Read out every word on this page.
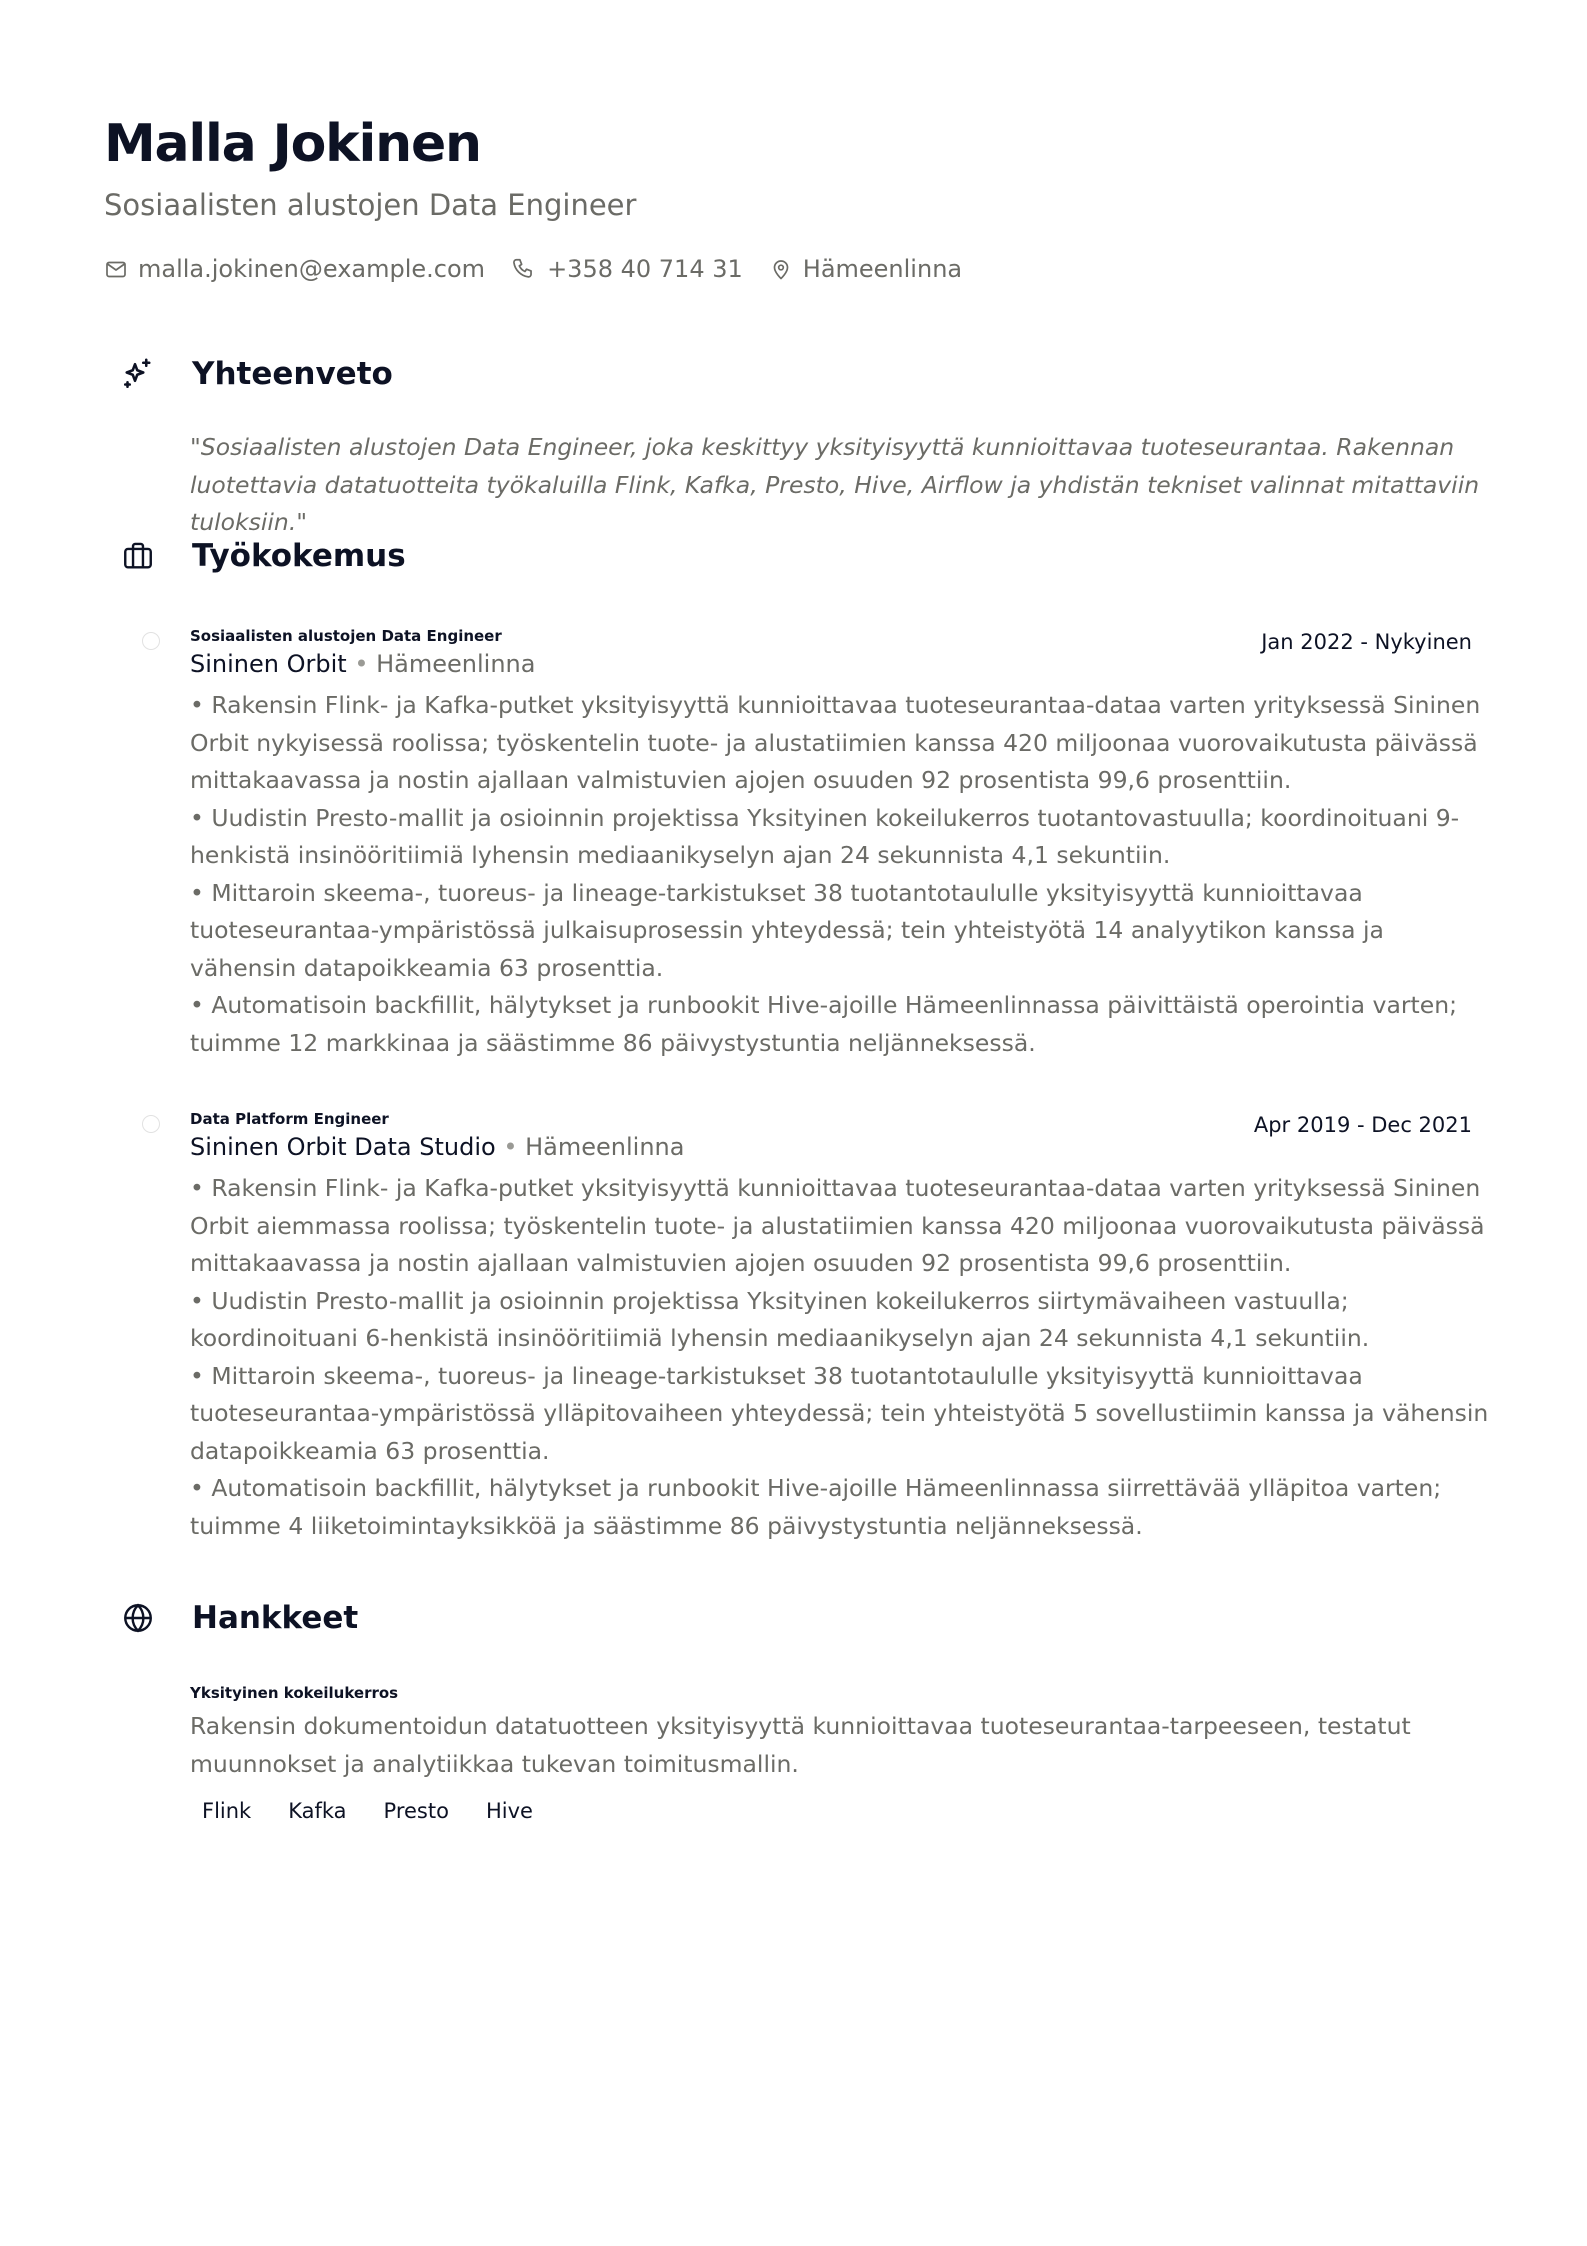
Malla Jokinen
Sosiaalisten alustojen Data Engineer
malla.jokinen@example.com	+358 40 714 31	Hämeenlinna
Yhteenveto
"Sosiaalisten alustojen Data Engineer, joka keskittyy yksityisyyttä kunnioittavaa tuoteseurantaa. Rakennan luotettavia datatuotteita työkaluilla Flink, Kafka, Presto, Hive, Airflow ja yhdistän tekniset valinnat mitattaviin tuloksiin."
Työkokemus
Sosiaalisten alustojen Data Engineer	Jan 2022 - Nykyinen
Sininen Orbit • Hämeenlinna
• Rakensin Flink- ja Kafka-putket yksityisyyttä kunnioittavaa tuoteseurantaa-dataa varten yrityksessä Sininen Orbit nykyisessä roolissa; työskentelin tuote- ja alustatiimien kanssa 420 miljoonaa vuorovaikutusta päivässä mittakaavassa ja nostin ajallaan valmistuvien ajojen osuuden 92 prosentista 99,6 prosenttiin.
• Uudistin Presto-mallit ja osioinnin projektissa Yksityinen kokeilukerros tuotantovastuulla; koordinoituani 9-henkistä insinööritiimiä lyhensin mediaanikyselyn ajan 24 sekunnista 4,1 sekuntiin.
• Mittaroin skeema-, tuoreus- ja lineage-tarkistukset 38 tuotantotaululle yksityisyyttä kunnioittavaa tuoteseurantaa-ympäristössä julkaisuprosessin yhteydessä; tein yhteistyötä 14 analyytikon kanssa ja vähensin datapoikkeamia 63 prosenttia.
• Automatisoin backfillit, hälytykset ja runbookit Hive-ajoille Hämeenlinnassa päivittäistä operointia varten; tuimme 12 markkinaa ja säästimme 86 päivystystuntia neljänneksessä.
Data Platform Engineer	Apr 2019 - Dec 2021
Sininen Orbit Data Studio • Hämeenlinna
• Rakensin Flink- ja Kafka-putket yksityisyyttä kunnioittavaa tuoteseurantaa-dataa varten yrityksessä Sininen Orbit aiemmassa roolissa; työskentelin tuote- ja alustatiimien kanssa 420 miljoonaa vuorovaikutusta päivässä mittakaavassa ja nostin ajallaan valmistuvien ajojen osuuden 92 prosentista 99,6 prosenttiin.
• Uudistin Presto-mallit ja osioinnin projektissa Yksityinen kokeilukerros siirtymävaiheen vastuulla; koordinoituani 6-henkistä insinööritiimiä lyhensin mediaanikyselyn ajan 24 sekunnista 4,1 sekuntiin.
• Mittaroin skeema-, tuoreus- ja lineage-tarkistukset 38 tuotantotaululle yksityisyyttä kunnioittavaa tuoteseurantaa-ympäristössä ylläpitovaiheen yhteydessä; tein yhteistyötä 5 sovellustiimin kanssa ja vähensin datapoikkeamia 63 prosenttia.
• Automatisoin backfillit, hälytykset ja runbookit Hive-ajoille Hämeenlinnassa siirrettävää ylläpitoa varten; tuimme 4 liiketoimintayksikköä ja säästimme 86 päivystystuntia neljänneksessä.
Hankkeet
Yksityinen kokeilukerros
Rakensin dokumentoidun datatuotteen yksityisyyttä kunnioittavaa tuoteseurantaa-tarpeeseen, testatut muunnokset ja analytiikkaa tukevan toimitusmallin.
Flink Kafka Presto Hive
